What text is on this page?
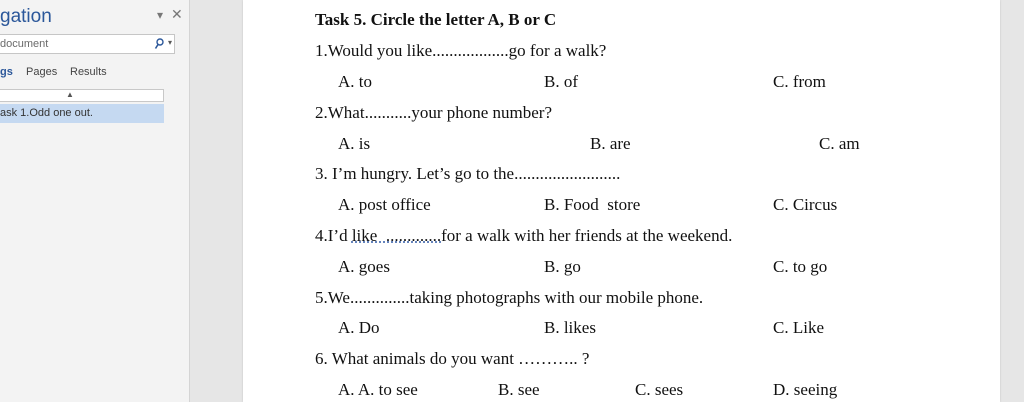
gation	▾ ✕
document
▾
gs Pages Results
▲
ask 1.Odd one out.
Task 5. Circle the letter A, B or C
1.Would you like..................go for a walk?
A. to	B. of	C. from
2.What...........your phone number?
A. is	B. are	C. am
3. I’m hungry. Let’s go to the.........................
A. post office	B. Food  store	C. Circus
4.I’d like  .............for a walk with her friends at the weekend.
A. goes	B. go	C. to go
5.We..............taking photographs with our mobile phone.
A. Do	B. likes	C. Like
6. What animals do you want ……….. ?
A. A. to see	B. see	C. sees	D. seeing
